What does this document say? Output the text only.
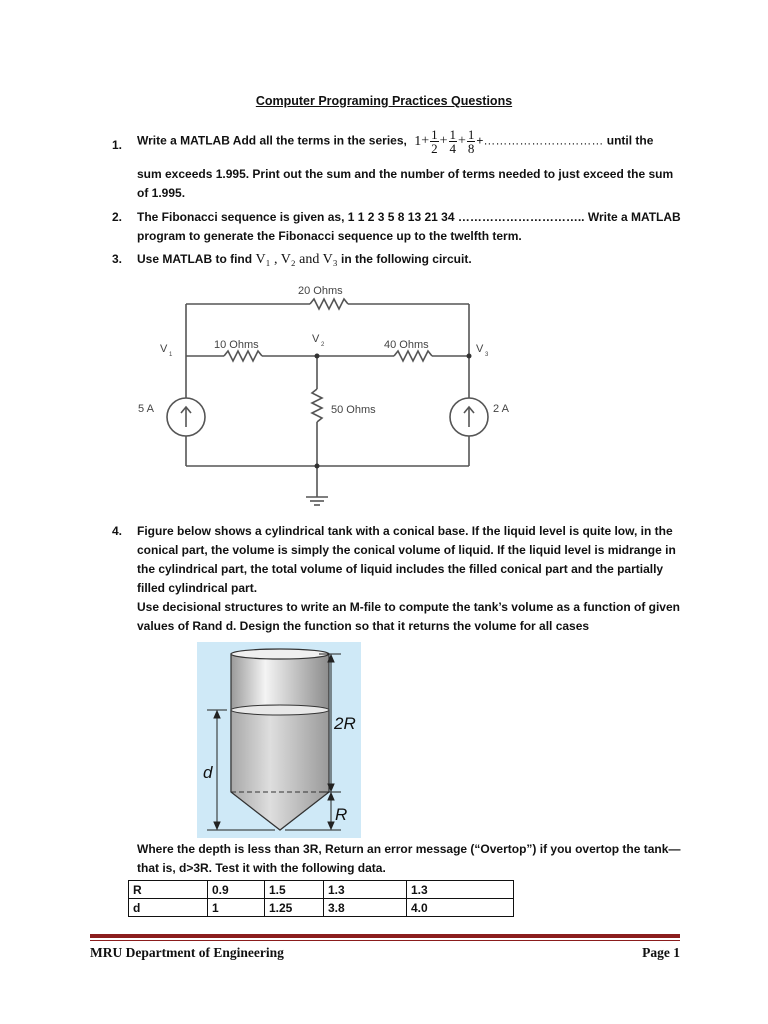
Computer Programing Practices Questions
1. Write a MATLAB Add all the terms in the series, $1+ \frac{1}{2} + \frac{1}{4} + \frac{1}{8}$ +………………………… until the
sum exceeds 1.995. Print out the sum and the number of terms needed to just exceed the sum of 1.995.
2. The Fibonacci sequence is given as, 1 1 2 3 5 8 13 21 34 ………………………….. Write a MATLAB program to generate the Fibonacci sequence up to the twelfth term.
3. Use MATLAB to find V₁ , V₂ and V₃ in the following circuit.
20 Ohms
10 Ohms	40 Ohms
50 Ohms
V 1
V 2	V 3
5 A	2 A
4. Figure below shows a cylindrical tank with a conical base. If the liquid level is quite low, in the conical part, the volume is simply the conical volume of liquid. If the liquid level is midrange in the cylindrical part, the total volume of liquid includes the filled conical part and the partially filled cylindrical part.
Use decisional structures to write an M-file to compute the tank’s volume as a function of given values of Rand d. Design the function so that it returns the volume for all cases
2R
R
d
Where the depth is less than 3R, Return an error message (“Overtop”) if you overtop the tank—that is, d>3R. Test it with the following data.
R	0.9	1.5	1.3	1.3
d	1	1.25	3.8	4.0
MRU Department of Engineering	Page 1
